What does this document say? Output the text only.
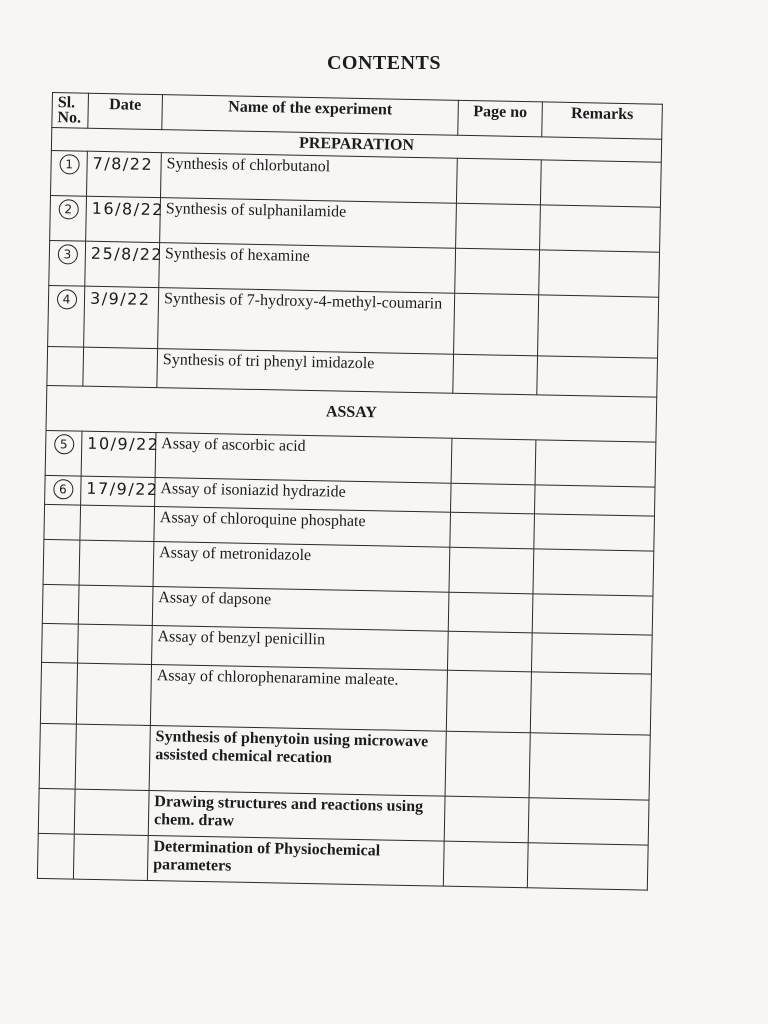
CONTENTS
Sl.
No.	Date	Name of the experiment	Page no	Remarks
PREPARATION				
1	7/8/22	Synthesis of chlorbutanol		
2	16/8/22	Synthesis of sulphanilamide		
3	25/8/22	Synthesis of hexamine		
4	3/9/22	Synthesis of 7-hydroxy-4-methyl-coumarin		
		Synthesis of tri phenyl imidazole		
ASSAY				
5	10/9/22	Assay of ascorbic acid		
6	17/9/22	Assay of isoniazid hydrazide		
		Assay of chloroquine phosphate		
		Assay of metronidazole		
		Assay of dapsone		
		Assay of benzyl penicillin		
		Assay of chlorophenaramine maleate.		
		Synthesis of phenytoin using microwave assisted chemical recation		
		Drawing structures and reactions using chem. draw		
		Determination of Physiochemical parameters		
